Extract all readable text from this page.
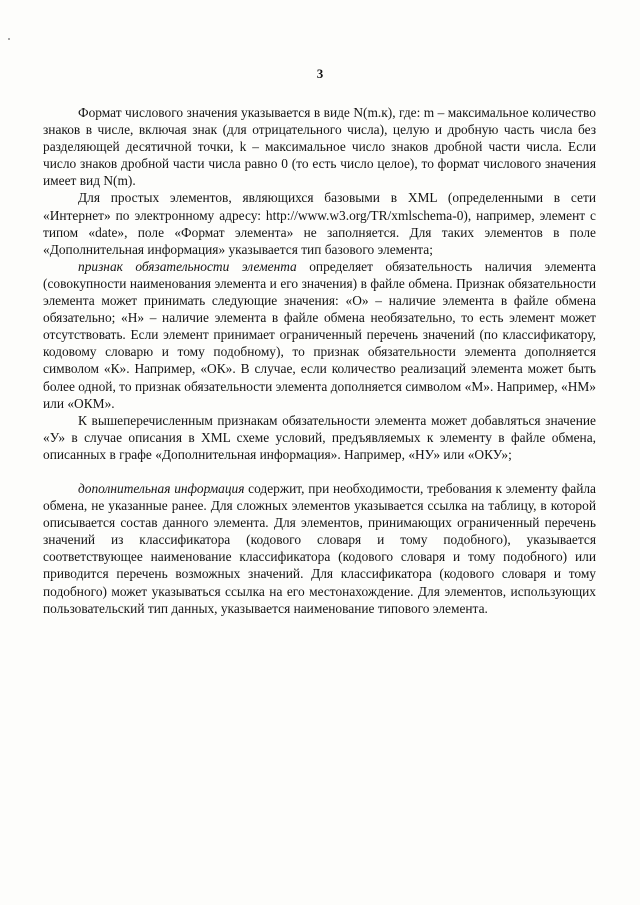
3

Формат числового значения указывается в виде N(m.к), где: m – максимальное количество знаков в числе, включая знак (для отрицательного числа), целую и дробную часть числа без разделяющей десятичной точки, k – максимальное число знаков дробной части числа. Если число знаков дробной части числа равно 0 (то есть число целое), то формат числового значения имеет вид N(m).

Для простых элементов, являющихся базовыми в XML (определенными в сети «Интернет» по электронному адресу: http://www.w3.org/TR/xmlschema-0), например, элемент с типом «date», поле «Формат элемента» не заполняется. Для таких элементов в поле «Дополнительная информация» указывается тип базового элемента;

признак обязательности элемента определяет обязательность наличия элемента (совокупности наименования элемента и его значения) в файле обмена. Признак обязательности элемента может принимать следующие значения: «О» – наличие элемента в файле обмена обязательно; «Н» – наличие элемента в файле обмена необязательно, то есть элемент может отсутствовать. Если элемент принимает ограниченный перечень значений (по классификатору, кодовому словарю и тому подобному), то признак обязательности элемента дополняется символом «К». Например, «ОК». В случае, если количество реализаций элемента может быть более одной, то признак обязательности элемента дополняется символом «М». Например, «НМ» или «ОКМ».

К вышеперечисленным признакам обязательности элемента может добавляться значение «У» в случае описания в XML схеме условий, предъявляемых к элементу в файле обмена, описанных в графе «Дополнительная информация». Например, «НУ» или «ОКУ»;

дополнительная информация содержит, при необходимости, требования к элементу файла обмена, не указанные ранее. Для сложных элементов указывается ссылка на таблицу, в которой описывается состав данного элемента. Для элементов, принимающих ограниченный перечень значений из классификатора (кодового словаря и тому подобного), указывается соответствующее наименование классификатора (кодового словаря и тому подобного) или приводится перечень возможных значений. Для классификатора (кодового словаря и тому подобного) может указываться ссылка на его местонахождение. Для элементов, использующих пользовательский тип данных, указывается наименование типового элемента.
